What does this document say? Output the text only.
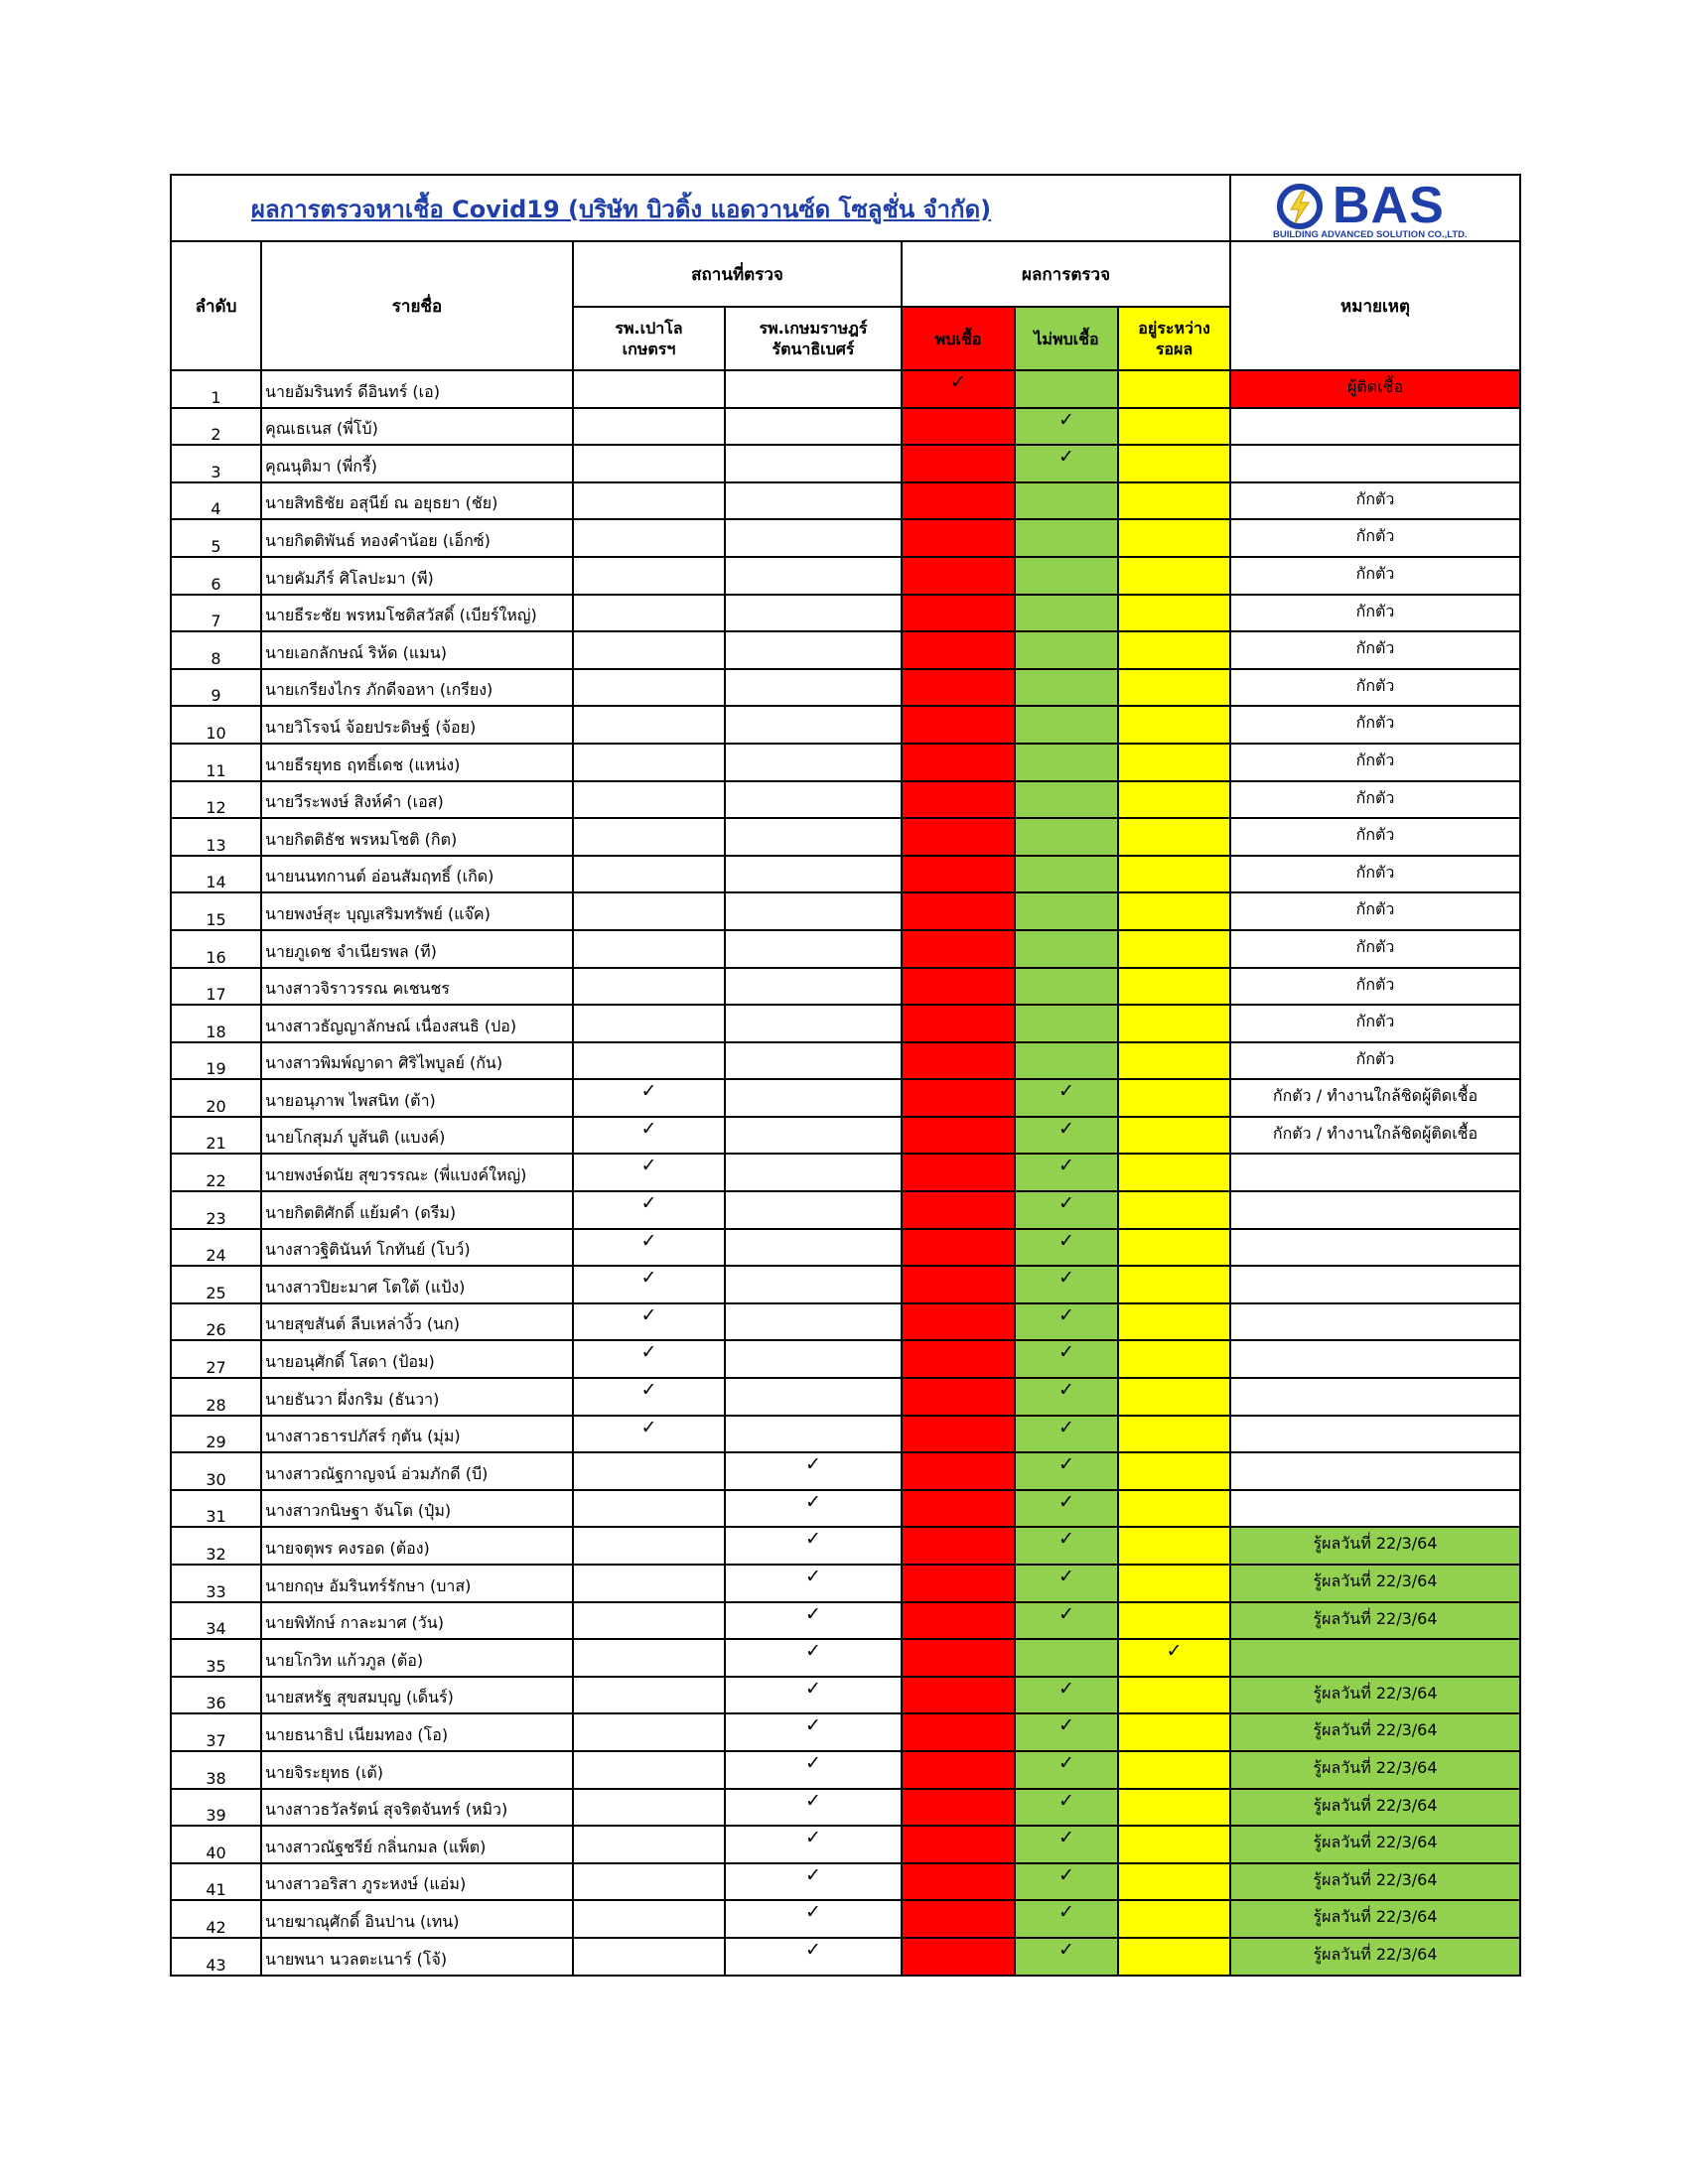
ผลการตรวจหาเชื้อ Covid19 (บริษัท บิวดิ้ง แอดวานซ์ด โซลูชั่น จำกัด)							

ลำดับ	รายชื่อ	สถานที่ตรวจ		ผลการตรวจ			หมายเหตุ

		รพ.เปาโล
เกษตรฯ	รพ.เกษมราษฎร์
รัตนาธิเบศร์	พบเชื้อ	ไม่พบเชื้อ	อยู่ระหว่าง
รอผล	

1	นายอัมรินทร์ ดีอินทร์ (เอ)			✓			ผู้ติดเชื้อ
2	คุณเธเนส (พี่โบ้)				✓		
3	คุณนุติมา (พี่กรี้)				✓		
4	นายสิทธิชัย อสุนีย์ ณ อยุธยา (ชัย)						กักตัว
5	นายกิตติพันธ์ ทองคำน้อย (เอ็กซ์)						กักตัว
6	นายคัมภีร์ ศิโลปะมา (พี)						กักตัว
7	นายธีระชัย พรหมโชติสวัสดิ์ (เบียร์ใหญ่)						กักตัว
8	นายเอกลักษณ์ ริห้ด (แมน)						กักตัว
9	นายเกรียงไกร ภักดีจอหา (เกรียง)						กักตัว
10	นายวิโรจน์ จ้อยประดิษฐ์ (จ้อย)						กักตัว
11	นายธีรยุทธ ฤทธิ์เดช (แหน่ง)						กักตัว
12	นายวีระพงษ์ สิงห์คำ (เอส)						กักตัว
13	นายกิตติธัช พรหมโชติ (กิต)						กักตัว
14	นายนนทกานต์ อ่อนสัมฤทธิ์ (เกิด)						กักตัว
15	นายพงษ์สุะ บุญเสริมทรัพย์ (แจ๊ค)						กักตัว
16	นายภูเดช จำเนียรพล (ที)						กักตัว
17	นางสาวจิราวรรณ คเชนชร						กักตัว
18	นางสาวธัญญาลักษณ์ เนื่องสนธิ (ปอ)						กักตัว
19	นางสาวพิมพ์ญาดา ศิริไพบูลย์ (กัน)						กักตัว
20	นายอนุภาพ ไพสนิท (ต้า)	✓			✓		กักตัว / ทำงานใกล้ชิดผู้ติดเชื้อ
21	นายโกสุมภ์ บูส้นติ (แบงค์)	✓			✓		กักตัว / ทำงานใกล้ชิดผู้ติดเชื้อ
22	นายพงษ์ดนัย สุขวรรณะ (พี่แบงค์ใหญ่)	✓			✓		
23	นายกิตติศักดิ์ แย้มคำ (ดรีม)	✓			✓		
24	นางสาวฐิตินันท์ โกทันย์ (โบว์)	✓			✓		
25	นางสาวปิยะมาศ โตใต้ (แป้ง)	✓			✓		
26	นายสุขสันต์ ลีบเหล่างิ้ว (นก)	✓			✓		
27	นายอนุศักดิ์ โสดา (ป้อม)	✓			✓		
28	นายธันวา ผึ่งกริม (ธันวา)	✓			✓		
29	นางสาวธารปภัสร์ กุตัน (มุ่ม)	✓			✓		
30	นางสาวณัฐกาญจน์ อ่วมภักดี (บี)		✓		✓		
31	นางสาวกนิษฐา จันโต (ปุ๋ม)		✓		✓		
32	นายจตุพร คงรอด (ต้อง)		✓		✓		รู้ผลวันที่ 22/3/64
33	นายกฤษ อัมรินทร์รักษา (บาส)		✓		✓		รู้ผลวันที่ 22/3/64
34	นายพิทักษ์ กาละมาศ (วัน)		✓		✓		รู้ผลวันที่ 22/3/64
35	นายโกวิท แก้วภูล (ต้อ)		✓			✓	
36	นายสหรัฐ สุขสมบุญ (เด็นร์)		✓		✓		รู้ผลวันที่ 22/3/64
37	นายธนาธิป เนียมทอง (โอ)		✓		✓		รู้ผลวันที่ 22/3/64
38	นายจิระยุทธ (เต้)		✓		✓		รู้ผลวันที่ 22/3/64
39	นางสาวธวัลรัตน์ สุจริตจันทร์ (หมิว)		✓		✓		รู้ผลวันที่ 22/3/64
40	นางสาวณัฐชรีย์ กลิ่นกมล (แพ็ต)		✓		✓		รู้ผลวันที่ 22/3/64
41	นางสาวอริสา ภูระหงษ์ (แอ่ม)		✓		✓		รู้ผลวันที่ 22/3/64
42	นายฆาณุศักดิ์ อินปาน (เทน)		✓		✓		รู้ผลวันที่ 22/3/64
43	นายพนา นวลตะเนาร์ (โจ้)		✓		✓		รู้ผลวันที่ 22/3/64
BAS
BUILDING ADVANCED SOLUTION CO.,LTD.
